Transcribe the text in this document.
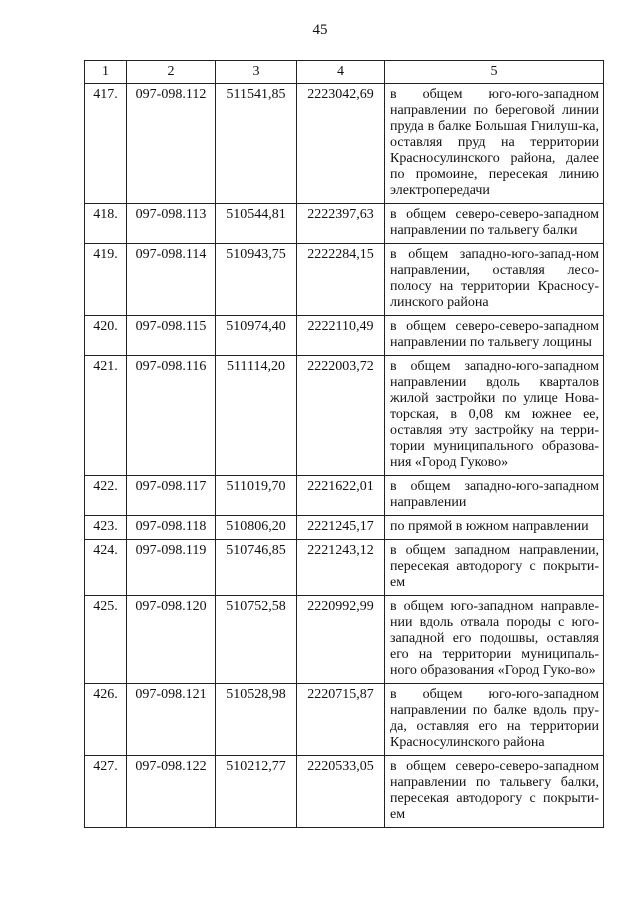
45
1	2	3	4	5
417.	097-098.112	511541,85	2223042,69	в общем юго-юго-западном направлении по береговой линии пруда в балке Большая Гнилуш-ка, оставляя пруд на территории Красносулинского района, далее по промоине, пересекая линию электропередачи
418.	097-098.113	510544,81	2222397,63	в общем северо-северо-западном направлении по тальвегу балки
419.	097-098.114	510943,75	2222284,15	в общем западно-юго-запад-ном направлении, оставляя лесо-полосу на территории Красносу-линского района
420.	097-098.115	510974,40	2222110,49	в общем северо-северо-западном направлении по тальвегу лощины
421.	097-098.116	511114,20	2222003,72	в общем западно-юго-западном направлении вдоль кварталов жилой застройки по улице Нова-торская, в 0,08 км южнее ее, оставляя эту застройку на терри-тории муниципального образова-ния «Город Гуково»
422.	097-098.117	511019,70	2221622,01	в общем западно-юго-западном направлении
423.	097-098.118	510806,20	2221245,17	по прямой в южном направлении
424.	097-098.119	510746,85	2221243,12	в общем западном направлении, пересекая автодорогу с покрыти-ем
425.	097-098.120	510752,58	2220992,99	в общем юго-западном направле-нии вдоль отвала породы с юго-западной его подошвы, оставляя его на территории муниципаль-ного образования «Город Гуко-во»
426.	097-098.121	510528,98	2220715,87	в общем юго-юго-западном направлении по балке вдоль пру-да, оставляя его на территории Красносулинского района
427.	097-098.122	510212,77	2220533,05	в общем северо-северо-западном направлении по тальвегу балки, пересекая автодорогу с покрыти-ем
